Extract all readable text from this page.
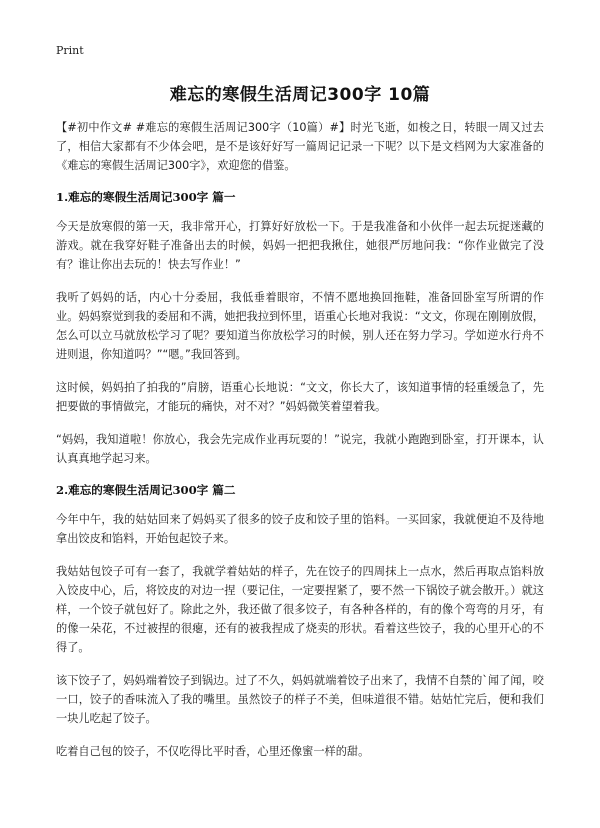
Print
难忘的寒假生活周记300字 10篇

【#初中作文# #难忘的寒假生活周记300字（10篇）#】时光飞逝，如梭之日，转眼一周又过去了，相信大家都有不少体会吧，是不是该好好写一篇周记记录一下呢？以下是文档网为大家准备的《难忘的寒假生活周记300字》，欢迎您的借鉴。

1.难忘的寒假生活周记300字 篇一

今天是放寒假的第一天，我非常开心，打算好好放松一下。于是我准备和小伙伴一起去玩捉迷藏的游戏。就在我穿好鞋子准备出去的时候，妈妈一把把我揪住，她很严厉地问我：“你作业做完了没有？谁让你出去玩的！快去写作业！”

我听了妈妈的话，内心十分委屈，我低垂着眼帘，不情不愿地换回拖鞋，准备回卧室写所谓的作业。妈妈察觉到我的委屈和不满，她把我拉到怀里，语重心长地对我说：“文文，你现在刚刚放假，怎么可以立马就放松学习了呢？要知道当你放松学习的时候，别人还在努力学习。学如逆水行舟不进则退，你知道吗？”“嗯。”我回答到。

这时候，妈妈拍了拍我的”肩膀，语重心长地说：“文文，你长大了，该知道事情的轻重缓急了，先把要做的事情做完，才能玩的痛快，对不对？”妈妈微笑着望着我。

“妈妈，我知道啦！你放心，我会先完成作业再玩耍的！”说完，我就小跑跑到卧室，打开课本，认认真真地学起习来。

2.难忘的寒假生活周记300字 篇二

今年中午，我的姑姑回来了妈妈买了很多的饺子皮和饺子里的馅料。一买回家，我就便迫不及待地拿出饺皮和馅料，开始包起饺子来。

我姑姑包饺子可有一套了，我就学着姑姑的样子，先在饺子的四周抹上一点水，然后再取点馅料放入饺皮中心，后，将饺皮的对边一捏（要记住，一定要捏紧了，要不然一下锅饺子就会散开。）就这样，一个饺子就包好了。除此之外，我还做了很多饺子，有各种各样的，有的像个弯弯的月牙，有的像一朵花，不过被捏的很瘪，还有的被我捏成了烧卖的形状。看着这些饺子，我的心里开心的不得了。

该下饺子了，妈妈端着饺子到锅边。过了不久，妈妈就端着饺子出来了，我情不自禁的`闻了闻，咬一口，饺子的香味流入了我的嘴里。虽然饺子的样子不美，但味道很不错。姑姑忙完后，便和我们一块儿吃起了饺子。

吃着自己包的饺子，不仅吃得比平时香，心里还像蜜一样的甜。
